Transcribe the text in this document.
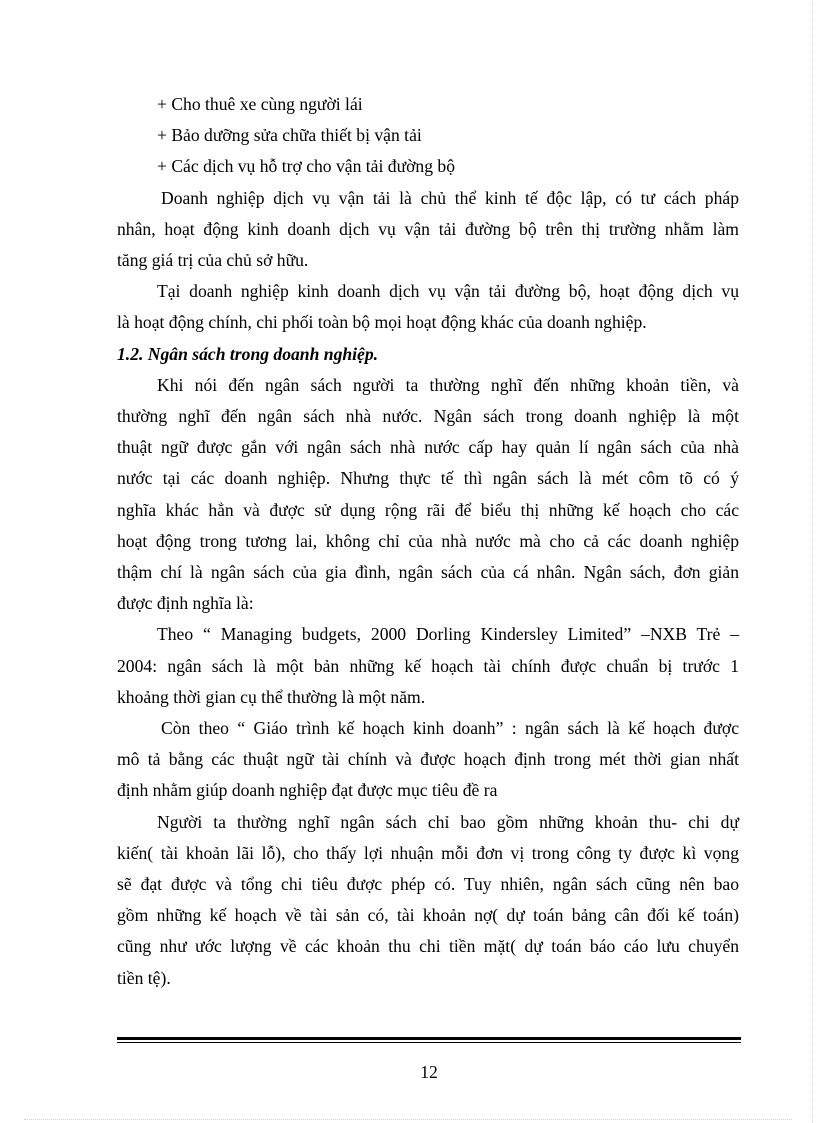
+ Cho thuê xe cùng người lái
+ Bảo dưỡng sửa chữa thiết bị vận tải
+ Các dịch vụ hỗ trợ cho vận tải đường bộ
Doanh nghiệp dịch vụ vận tải là chủ thể kinh tế độc lập, có tư cách pháp
nhân, hoạt động kinh doanh dịch vụ vận tải đường bộ trên thị trường nhằm làm
tăng giá trị của chủ sở hữu.
Tại doanh nghiệp kinh doanh dịch vụ vận tải đường bộ, hoạt động dịch vụ
là hoạt động chính, chi phối toàn bộ mọi hoạt động khác của doanh nghiệp.
1.2. Ngân sách trong doanh nghiệp.
Khi nói đến ngân sách người ta thường nghĩ đến những khoản tiền, và
thường nghĩ đến ngân sách nhà nước. Ngân sách trong doanh nghiệp là một
thuật ngữ được gắn với ngân sách nhà nước cấp hay quản lí ngân sách của nhà
nước tại các doanh nghiệp. Nhưng thực tế thì ngân sách là mét côm tõ có ý
nghĩa khác hẳn và được sử dụng rộng rãi để biểu thị những kế hoạch cho các
hoạt động trong tương lai, không chỉ của nhà nước mà cho cả các doanh nghiệp
thậm chí là ngân sách của gia đình, ngân sách của cá nhân. Ngân sách, đơn giản
được định nghĩa là:
Theo “ Managing budgets, 2000 Dorling Kindersley Limited” –NXB Trẻ –
2004: ngân sách là một bản những kế hoạch tài chính được chuẩn bị trước 1
khoảng thời gian cụ thể thường là một năm.
Còn theo “ Giáo trình kế hoạch kinh doanh” : ngân sách là kế hoạch được
mô tả bằng các thuật ngữ tài chính và được hoạch định trong mét thời gian nhất
định nhằm giúp doanh nghiệp đạt được mục tiêu đề ra
Người ta thường nghĩ ngân sách chỉ bao gồm những khoản thu- chi dự
kiến( tài khoản lãi lỗ), cho thấy lợi nhuận mỗi đơn vị trong công ty được kì vọng
sẽ đạt được và tổng chi tiêu được phép có. Tuy nhiên, ngân sách cũng nên bao
gồm những kế hoạch về tài sản có, tài khoản nợ( dự toán bảng cân đối kế toán)
cũng như ước lượng về các khoản thu chi tiền mặt( dự toán báo cáo lưu chuyển
tiền tệ).
12
